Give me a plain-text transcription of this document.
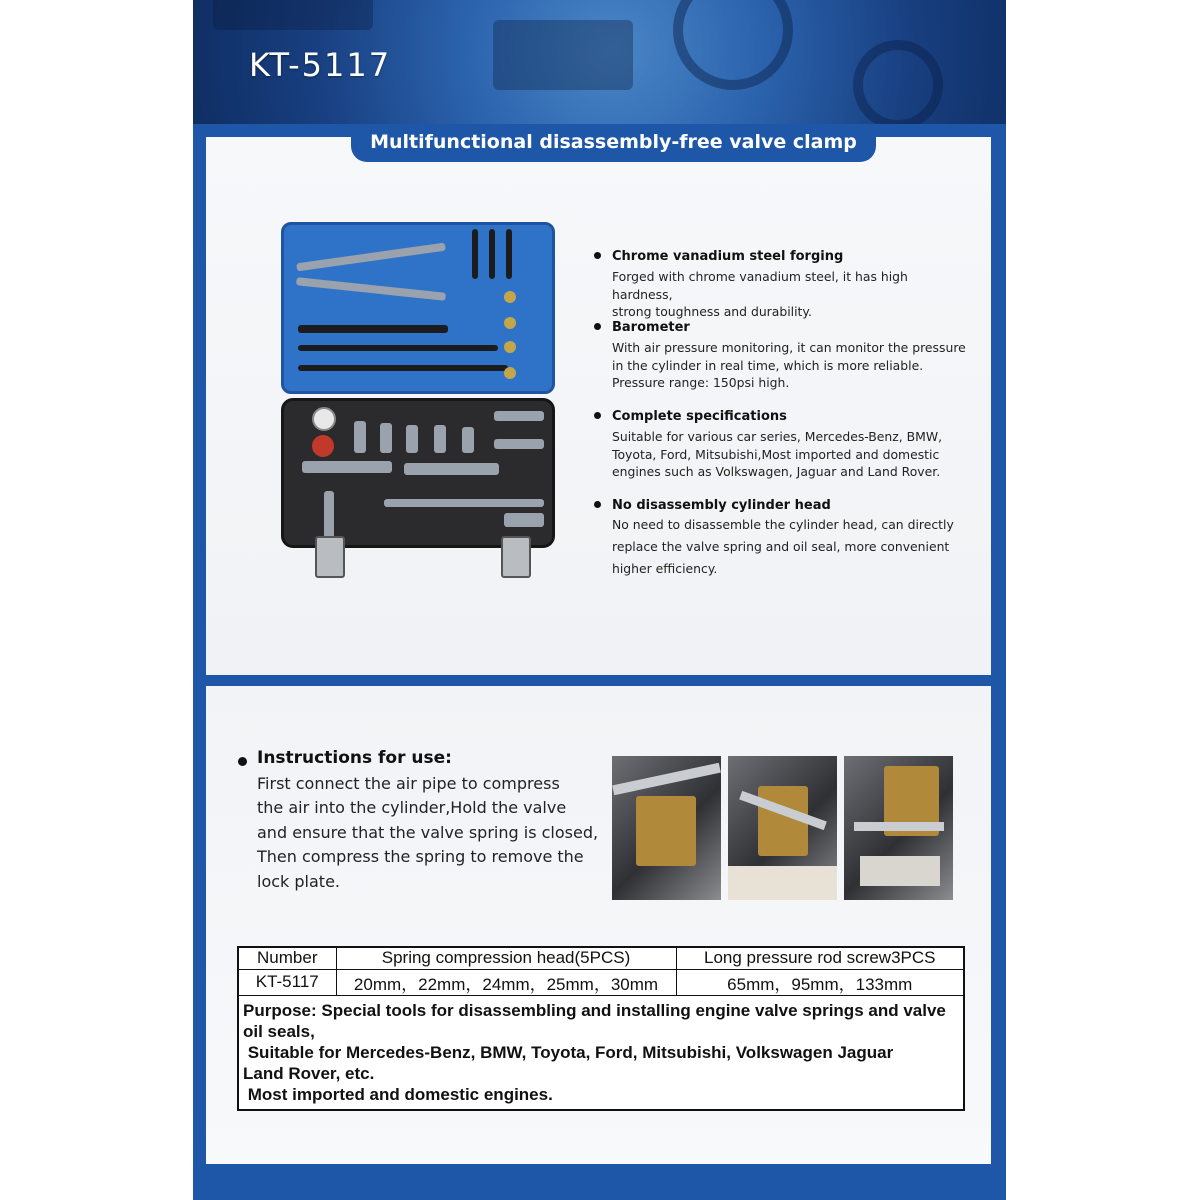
KT-5117
Chrome vanadium steel forging
Forged with chrome vanadium steel, it has high hardness,
strong toughness and durability.
Barometer
With air pressure monitoring, it can monitor the pressure
in the cylinder in real time, which is more reliable.
Pressure range: 150psi high.
Complete specifications
Suitable for various car series, Mercedes-Benz, BMW,
Toyota, Ford, Mitsubishi,Most imported and domestic
engines such as Volkswagen, Jaguar and Land Rover.
No disassembly cylinder head
No need to disassemble the cylinder head, can directly
replace the valve spring and oil seal, more convenient
higher efficiency.
Multifunctional disassembly-free valve clamp
Instructions for use:
First connect the air pipe to compress
the air into the cylinder,Hold the valve
and ensure that the valve spring is closed,
Then compress the spring to remove the
lock plate.
Number	Spring compression head(5PCS)	Long pressure rod screw3PCS
KT-5117	20mm，22mm，24mm，25mm，30mm	65mm，95mm，133mm
Purpose: Special tools for disassembling and installing engine valve springs and valve
oil seals,
Suitable for Mercedes-Benz, BMW, Toyota, Ford, Mitsubishi, Volkswagen Jaguar
Land Rover, etc.
Most imported and domestic engines.
